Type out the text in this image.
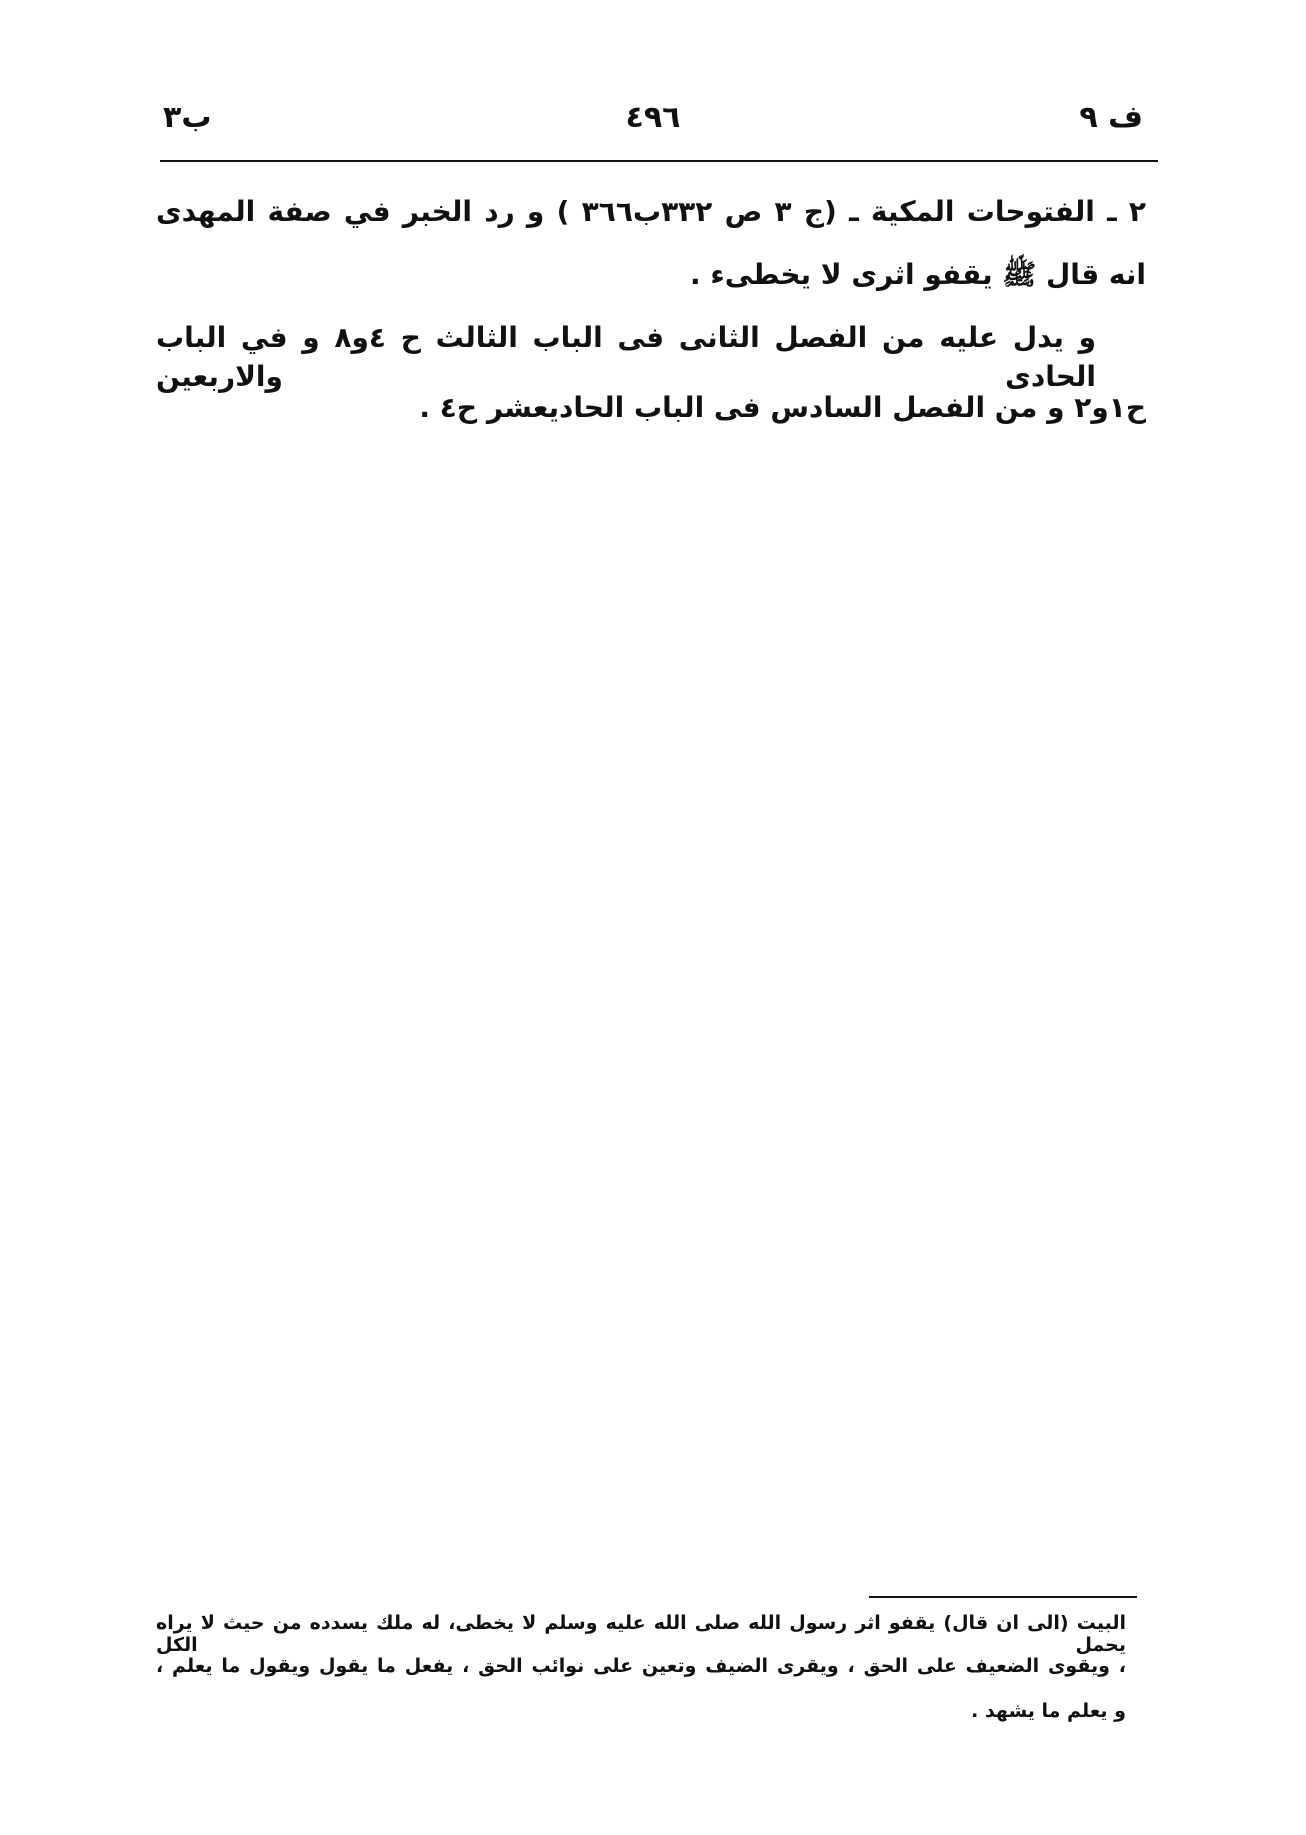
ف ٩
٤٩٦
ب٣
٢ ـ الفتوحات المكية ـ (ج ٣ ص ٣٣٢ب٣٦٦ ) و رد الخبر في صفة المهدى
انه قال ﷺ يقفو اثرى لا يخطىء .
و يدل عليه من الفصل الثانى فى الباب الثالث ح ٤و٨ و في الباب الحادى والاربعين
ح١و٢ و من الفصل السادس فى الباب الحاديعشر ح٤ .
البيت (الى ان قال) يقفو اثر رسول الله صلى الله عليه وسلم لا يخطى، له ملك يسدده من حيث لا يراه يحمل الكل
، ويقوى الضعيف على الحق ، ويقرى الضيف وتعين على نوائب الحق ، يفعل ما يقول ويقول ما يعلم ،
و يعلم ما يشهد .
